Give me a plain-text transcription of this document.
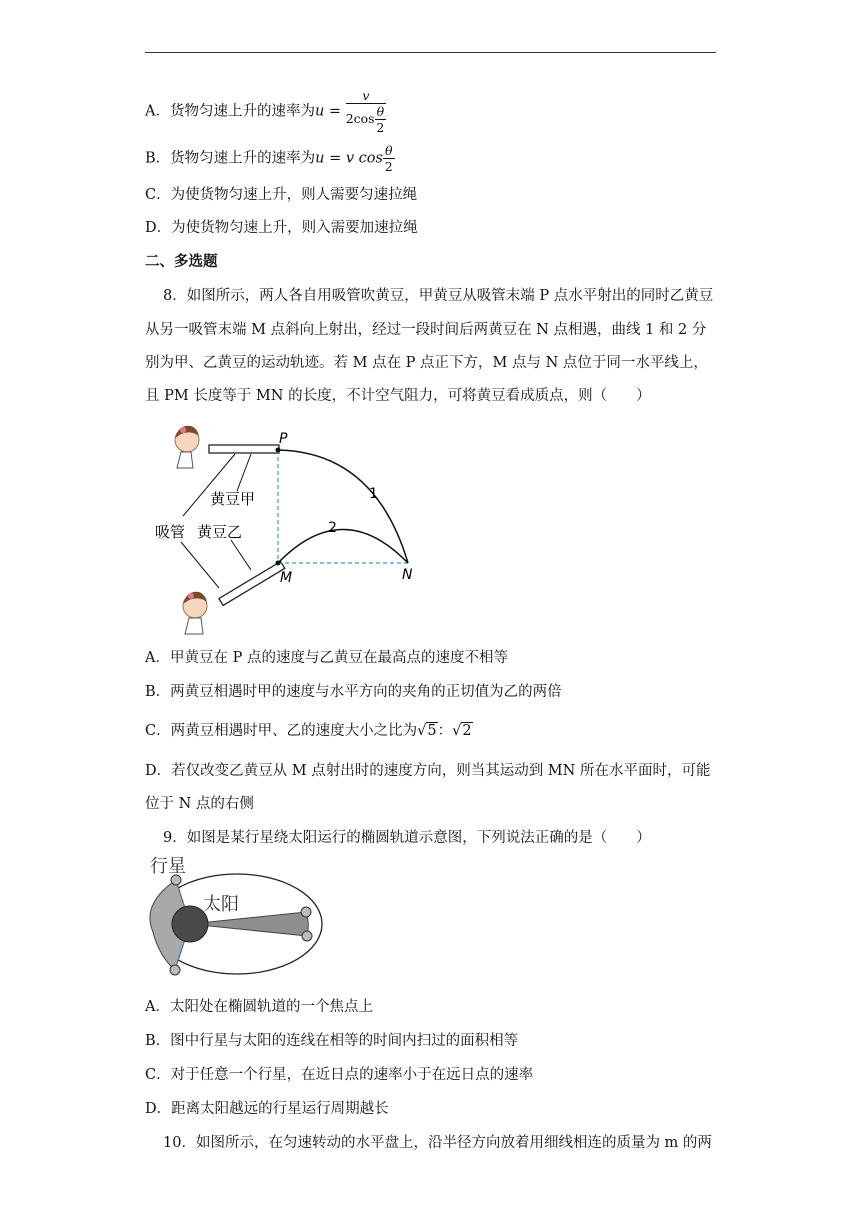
A．货物匀速上升的速率为$u = \frac{v}{2\cos \frac{\theta}{2}}$
B．货物匀速上升的速率为u = v $\cos \frac{\theta}{2}$
C．为使货物匀速上升，则人需要匀速拉绳
D．为使货物匀速上升，则入需要加速拉绳
二、多选题
8．如图所示，两人各自用吸管吹黄豆，甲黄豆从吸管末端 P 点水平射出的同时乙黄豆
从另一吸管末端 M 点斜向上射出，经过一段时间后两黄豆在 N 点相遇，曲线 1 和 2 分
别为甲、乙黄豆的运动轨迹。若 M 点在 P 点正下方，M 点与 N 点位于同一水平线上，
且 PM 长度等于 MN 的长度，不计空气阻力，可将黄豆看成质点，则（　　）
P
M	N
1
2
黄豆甲
吸管 黄豆乙
A．甲黄豆在 P 点的速度与乙黄豆在最高点的速度不相等
B．两黄豆相遇时甲的速度与水平方向的夹角的正切值为乙的两倍
C．两黄豆相遇时甲、乙的速度大小之比为√5：√2
D．若仅改变乙黄豆从 M 点射出时的速度方向，则当其运动到 MN 所在水平面时，可能
位于 N 点的右侧
9．如图是某行星绕太阳运行的椭圆轨道示意图，下列说法正确的是（　　）
行星
太阳
A．太阳处在椭圆轨道的一个焦点上
B．图中行星与太阳的连线在相等的时间内扫过的面积相等
C．对于任意一个行星，在近日点的速率小于在远日点的速率
D．距离太阳越远的行星运行周期越长
10．如图所示，在匀速转动的水平盘上，沿半径方向放着用细线相连的质量为 m 的两
